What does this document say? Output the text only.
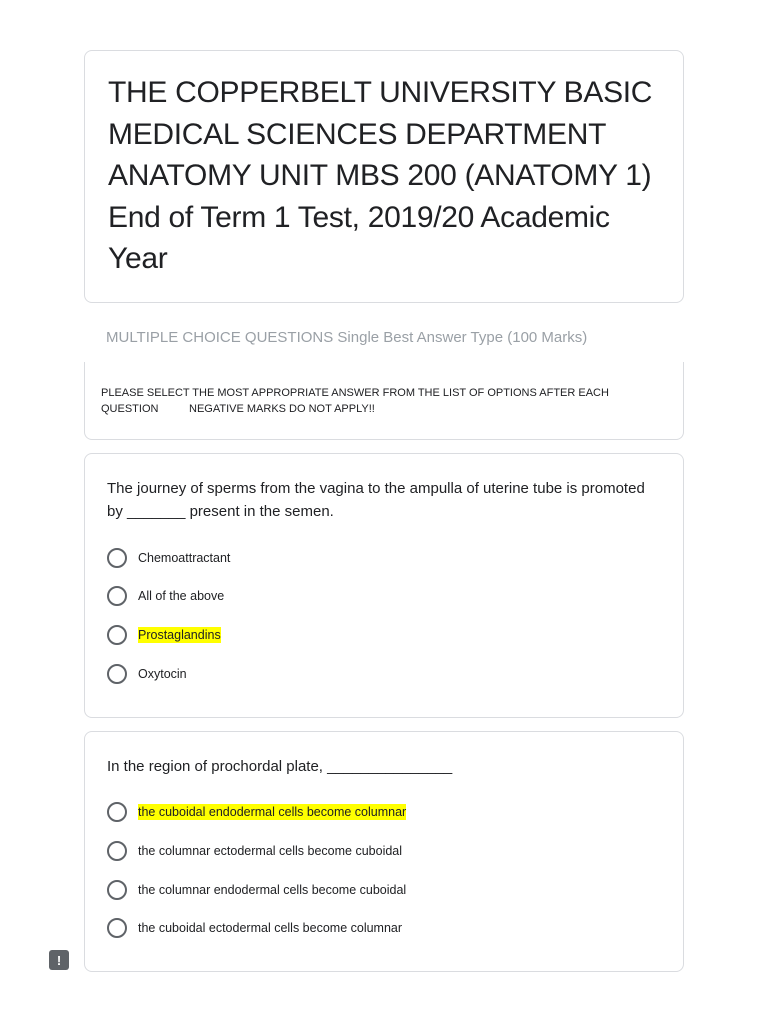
THE COPPERBELT UNIVERSITY BASIC MEDICAL SCIENCES DEPARTMENT ANATOMY UNIT MBS 200 (ANATOMY 1) End of Term 1 Test, 2019/20 Academic Year
MULTIPLE CHOICE QUESTIONS Single Best Answer Type (100 Marks)
PLEASE SELECT THE MOST APPROPRIATE ANSWER FROM THE LIST OF OPTIONS AFTER EACH
QUESTION          NEGATIVE MARKS DO NOT APPLY!!
The journey of sperms from the vagina to the ampulla of uterine tube is promoted by _______ present in the semen.
Chemoattractant
All of the above
Prostaglandins
Oxytocin
In the region of prochordal plate, _______________
the cuboidal endodermal cells become columnar
the columnar ectodermal cells become cuboidal
the columnar endodermal cells become cuboidal
the cuboidal ectodermal cells become columnar
!
